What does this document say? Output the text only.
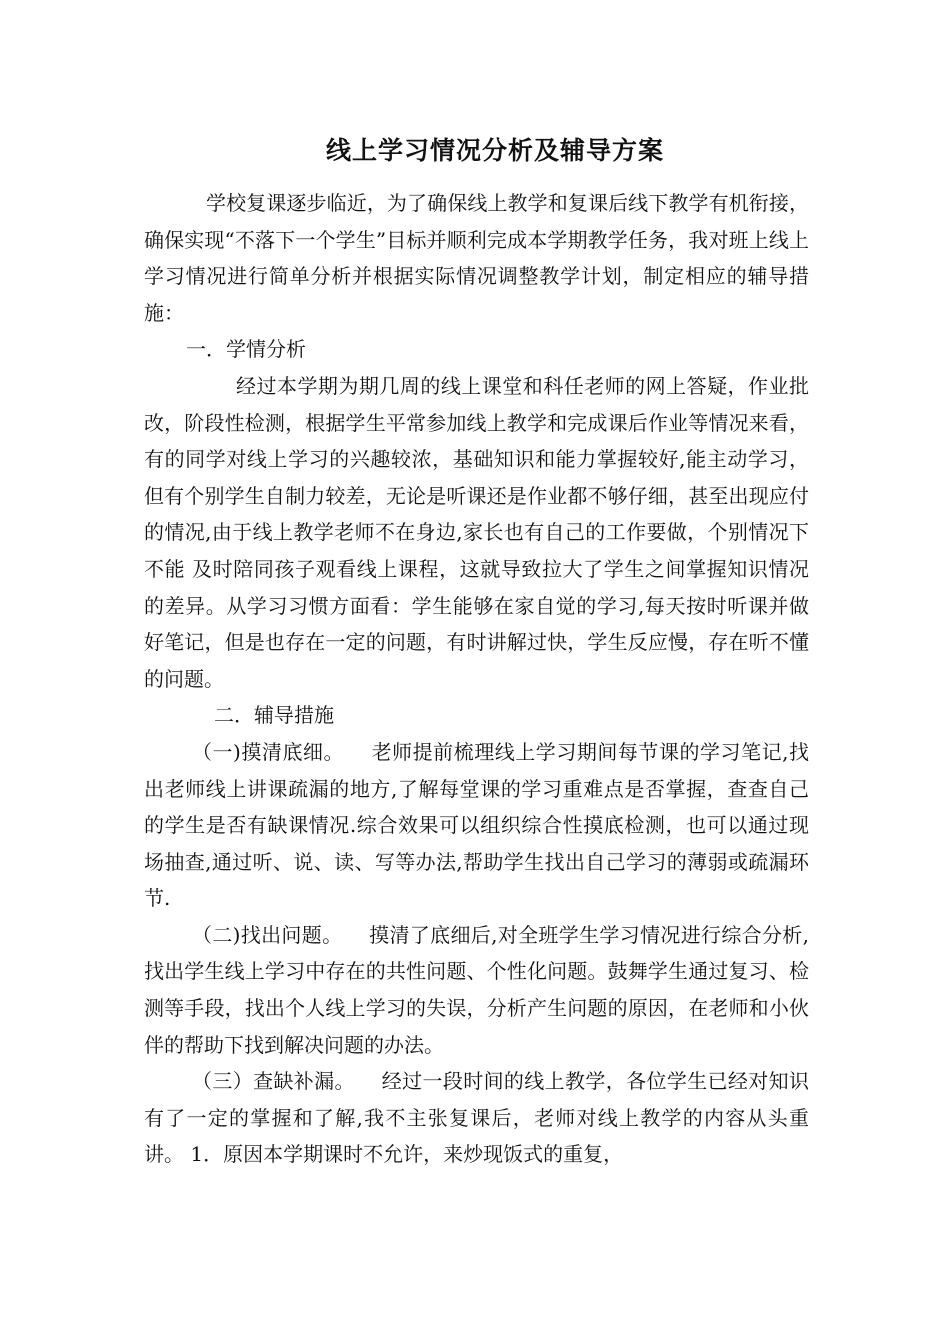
线上学习情况分析及辅导方案

学校复课逐步临近，为了确保线上教学和复课后线下教学有机衔接，确保实现“不落下一个学生”目标并顺利完成本学期教学任务，我对班上线上学习情况进行简单分析并根据实际情况调整教学计划，制定相应的辅导措施：

一．学情分析

经过本学期为期几周的线上课堂和科任老师的网上答疑，作业批改，阶段性检测，根据学生平常参加线上教学和完成课后作业等情况来看，有的同学对线上学习的兴趣较浓，基础知识和能力掌握较好,能主动学习，但有个别学生自制力较差，无论是听课还是作业都不够仔细，甚至出现应付的情况,由于线上教学老师不在身边,家长也有自己的工作要做，个别情况下不能 及时陪同孩子观看线上课程，这就导致拉大了学生之间掌握知识情况的差异。从学习习惯方面看：学生能够在家自觉的学习,每天按时听课并做好笔记，但是也存在一定的问题，有时讲解过快，学生反应慢，存在听不懂的问题。

二．辅导措施

（一)摸清底细。 老师提前梳理线上学习期间每节课的学习笔记,找出老师线上讲课疏漏的地方,了解每堂课的学习重难点是否掌握，查查自己的学生是否有缺课情况.综合效果可以组织综合性摸底检测，也可以通过现场抽查,通过听、说、读、写等办法,帮助学生找出自己学习的薄弱或疏漏环节.

（二)找出问题。 摸清了底细后,对全班学生学习情况进行综合分析,找出学生线上学习中存在的共性问题、个性化问题。鼓舞学生通过复习、检测等手段，找出个人线上学习的失误，分析产生问题的原因，在老师和小伙伴的帮助下找到解决问题的办法。

（三）查缺补漏。 经过一段时间的线上教学，各位学生已经对知识有了一定的掌握和了解,我不主张复课后，老师对线上教学的内容从头重讲。 1．原因本学期课时不允许，来炒现饭式的重复，
